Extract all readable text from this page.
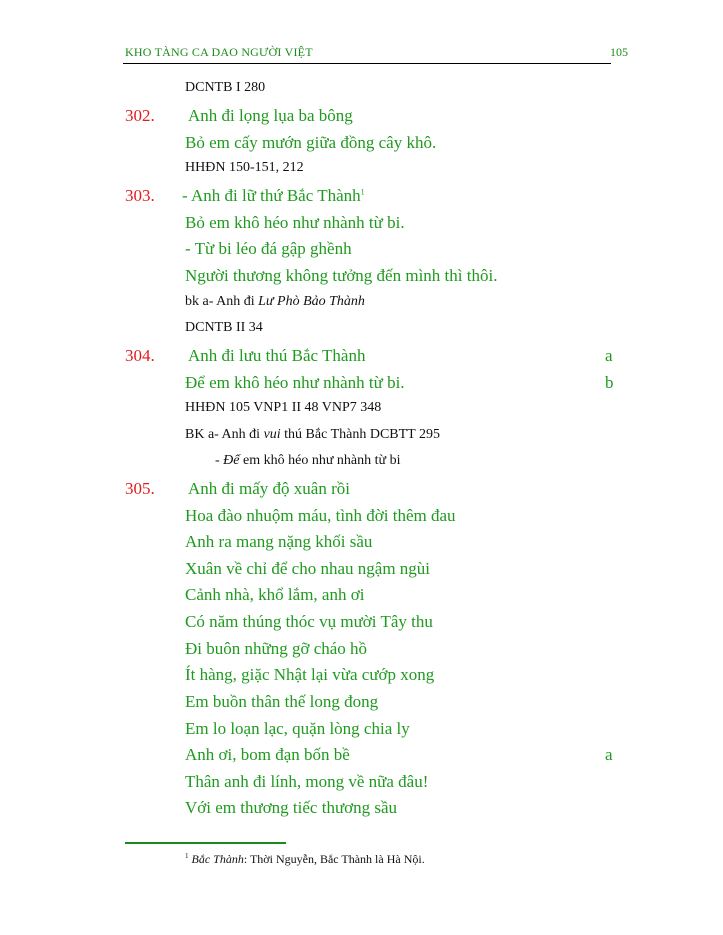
KHO TÀNG CA DAO NGƯỜI VIỆT	105
DCNTB I 280
302. Anh đi lọng lụa ba bông
Bỏ em cấy mướn giữa đồng cây khô.
HHĐN 150-151, 212
303. - Anh đi lữ thứ Bắc Thành$^1$
Bỏ em khô héo như nhành từ bi.
- Từ bi léo đá gập ghềnh
Người thương không tưởng đến mình thì thôi.
bk a- Anh đi Lư Phò Bảo Thành
DCNTB II 34
304. Anh đi lưu thú Bắc Thành	a
Để em khô héo như nhành từ bi.	b
HHĐN 105 VNP1 II 48 VNP7 348
BK a- Anh đi vui thú Bắc Thành DCBTT 295
- Để em khô héo như nhành từ bi
305. Anh đi mấy độ xuân rồi
Hoa đào nhuộm máu, tình đời thêm đau
Anh ra mang nặng khối sầu
Xuân về chỉ để cho nhau ngậm ngùi
Cảnh nhà, khổ lắm, anh ơi
Có năm thúng thóc vụ mười Tây thu
Đi buôn những gỡ cháo hồ
Ít hàng, giặc Nhật lại vừa cướp xong
Em buồn thân thế long đong
Em lo loạn lạc, quặn lòng chia ly
Anh ơi, bom đạn bốn bề	a
Thân anh đi lính, mong về nữa đâu!
Với em thương tiếc thương sầu
$^1$ Bắc Thành: Thời Nguyễn, Bắc Thành là Hà Nội.
